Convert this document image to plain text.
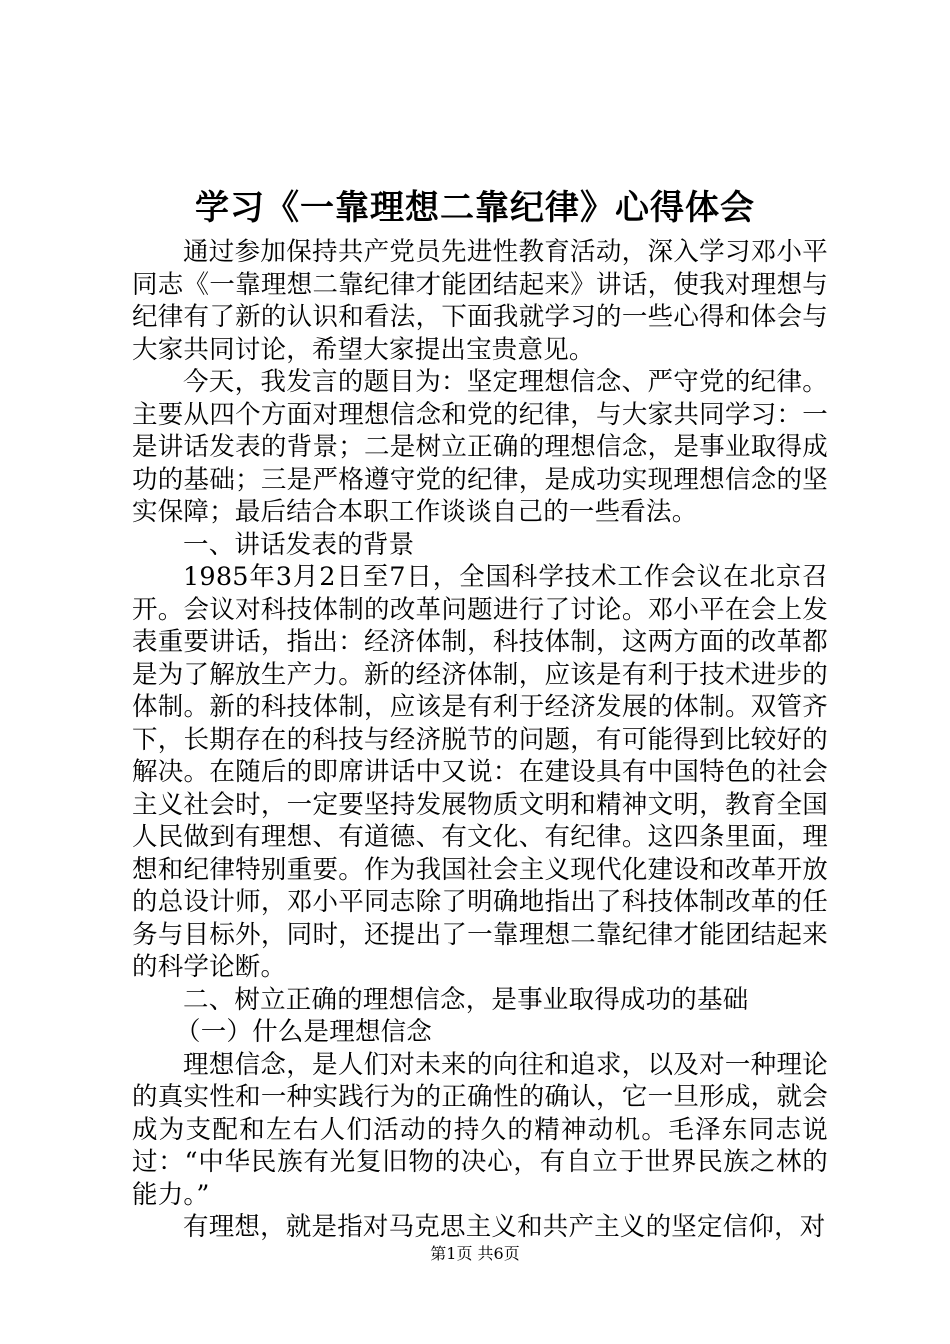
学习《一靠理想二靠纪律》心得体会

通过参加保持共产党员先进性教育活动，深入学习邓小平同志《一靠理想二靠纪律才能团结起来》讲话，使我对理想与纪律有了新的认识和看法，下面我就学习的一些心得和体会与大家共同讨论，希望大家提出宝贵意见。

今天，我发言的题目为：坚定理想信念、严守党的纪律。主要从四个方面对理想信念和党的纪律，与大家共同学习：一是讲话发表的背景；二是树立正确的理想信念，是事业取得成功的基础；三是严格遵守党的纪律，是成功实现理想信念的坚实保障；最后结合本职工作谈谈自己的一些看法。

一、讲话发表的背景

1985年3月2日至7日，全国科学技术工作会议在北京召开。会议对科技体制的改革问题进行了讨论。邓小平在会上发表重要讲话，指出：经济体制，科技体制，这两方面的改革都是为了解放生产力。新的经济体制，应该是有利于技术进步的体制。新的科技体制，应该是有利于经济发展的体制。双管齐下，长期存在的科技与经济脱节的问题，有可能得到比较好的解决。在随后的即席讲话中又说：在建设具有中国特色的社会主义社会时，一定要坚持发展物质文明和精神文明，教育全国人民做到有理想、有道德、有文化、有纪律。这四条里面，理想和纪律特别重要。作为我国社会主义现代化建设和改革开放的总设计师，邓小平同志除了明确地指出了科技体制改革的任务与目标外，同时，还提出了一靠理想二靠纪律才能团结起来的科学论断。

二、树立正确的理想信念，是事业取得成功的基础

（一）什么是理想信念

理想信念，是人们对未来的向往和追求，以及对一种理论的真实性和一种实践行为的正确性的确认，它一旦形成，就会成为支配和左右人们活动的持久的精神动机。毛泽东同志说过：“中华民族有光复旧物的决心，有自立于世界民族之林的能力。”

有理想，就是指对马克思主义和共产主义的坚定信仰，对

第1页 共6页
